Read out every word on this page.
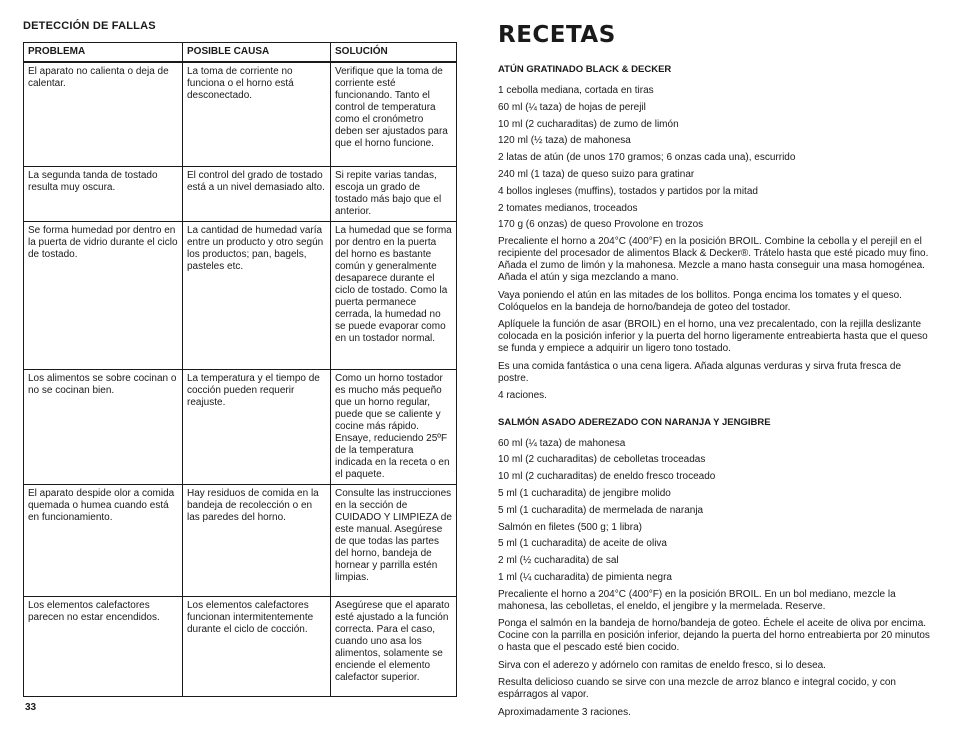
DETECCIÓN DE FALLAS
PROBLEMA	POSIBLE CAUSA	SOLUCIÓN
El aparato no calienta o deja de calentar.	La toma de corriente no funciona o el horno está desconectado.	Verifique que la toma de corriente esté funcionando. Tanto el control de temperatura como el cronómetro deben ser ajustados para que el horno funcione.
La segunda tanda de tostado resulta muy oscura.	El control del grado de tostado está a un nivel demasiado alto.	Si repite varias tandas, escoja un grado de tostado más bajo que el anterior.
Se forma humedad por dentro en la puerta de vidrio durante el ciclo de tostado.	La cantidad de humedad varía entre un producto y otro según los productos; pan, bagels, pasteles etc.	La humedad que se forma por dentro en la puerta del horno es bastante común y generalmente desaparece durante el ciclo de tostado. Como la puerta permanece cerrada, la humedad no se puede evaporar como en un tostador normal.
Los alimentos se sobre cocinan o no se cocinan bien.	La temperatura y el tiempo de cocción pueden requerir reajuste.	Como un horno tostador es mucho más pequeño que un horno regular, puede que se caliente y cocine más rápido. Ensaye, reduciendo 25ºF de la temperatura indicada en la receta o en el paquete.
El aparato despide olor a comida quemada o humea cuando está en funcionamiento.	Hay residuos de comida en la bandeja de recolección o en las paredes del horno.	Consulte las instrucciones en la sección de CUIDADO Y LIMPIEZA de este manual. Asegúrese de que todas las partes del horno, bandeja de hornear y parrilla estén limpias.
Los elementos calefactores parecen no estar encendidos.	Los elementos calefactores funcionan intermitentemente durante el ciclo de cocción.	Asegúrese que el aparato esté ajustado a la función correcta. Para el caso, cuando uno asa los alimentos, solamente se enciende el elemento calefactor superior.
33
RECETAS
ATÚN GRATINADO BLACK & DECKER
1 cebolla mediana, cortada en tiras
60 ml (¼ taza) de hojas de perejil
10 ml (2 cucharaditas) de zumo de limón
120 ml (½ taza) de mahonesa
2 latas de atún (de unos 170 gramos; 6 onzas cada una), escurrido
240 ml (1 taza) de queso suizo para gratinar
4 bollos ingleses (muffins), tostados y partidos por la mitad
2 tomates medianos, troceados
170 g (6 onzas) de queso Provolone en trozos
Precaliente el horno a 204°C (400°F) en la posición BROIL. Combine la cebolla y el perejil en el recipiente del procesador de alimentos Black & Decker®. Trátelo hasta que esté picado muy fino. Añada el zumo de limón y la mahonesa. Mezcle a mano hasta conseguir una masa homogénea. Añada el atún y siga mezclando a mano.
Vaya poniendo el atún en las mitades de los bollitos. Ponga encima los tomates y el queso. Colóquelos en la bandeja de horno/bandeja de goteo del tostador.
Aplíquele la función de asar (BROIL) en el horno, una vez precalentado, con la rejilla deslizante colocada en la posición inferior y la puerta del horno ligeramente entreabierta hasta que el queso se funda y empiece a adquirir un ligero tono tostado.
Es una comida fantástica o una cena ligera. Añada algunas verduras y sirva fruta fresca de postre.
4 raciones.
SALMÓN ASADO ADEREZADO CON NARANJA Y JENGIBRE
60 ml (¼ taza) de mahonesa
10 ml (2 cucharaditas) de cebolletas troceadas
10 ml (2 cucharaditas) de eneldo fresco troceado
5 ml (1 cucharadita) de jengibre molido
5 ml (1 cucharadita) de mermelada de naranja
Salmón en filetes (500 g; 1 libra)
5 ml (1 cucharadita) de aceite de oliva
2 ml (½ cucharadita) de sal
1 ml (¼ cucharadita) de pimienta negra
Precaliente el horno a 204°C (400°F) en la posición BROIL. En un bol mediano, mezcle la mahonesa, las cebolletas, el eneldo, el jengibre y la mermelada. Reserve.
Ponga el salmón en la bandeja de horno/bandeja de goteo. Échele el aceite de oliva por encima. Cocine con la parrilla en posición inferior, dejando la puerta del horno entreabierta por 20 minutos o hasta que el pescado esté bien cocido.
Sirva con el aderezo y adórnelo con ramitas de eneldo fresco, si lo desea.
Resulta delicioso cuando se sirve con una mezcle de arroz blanco e integral cocido, y con espárragos al vapor.
Aproximadamente 3 raciones.
